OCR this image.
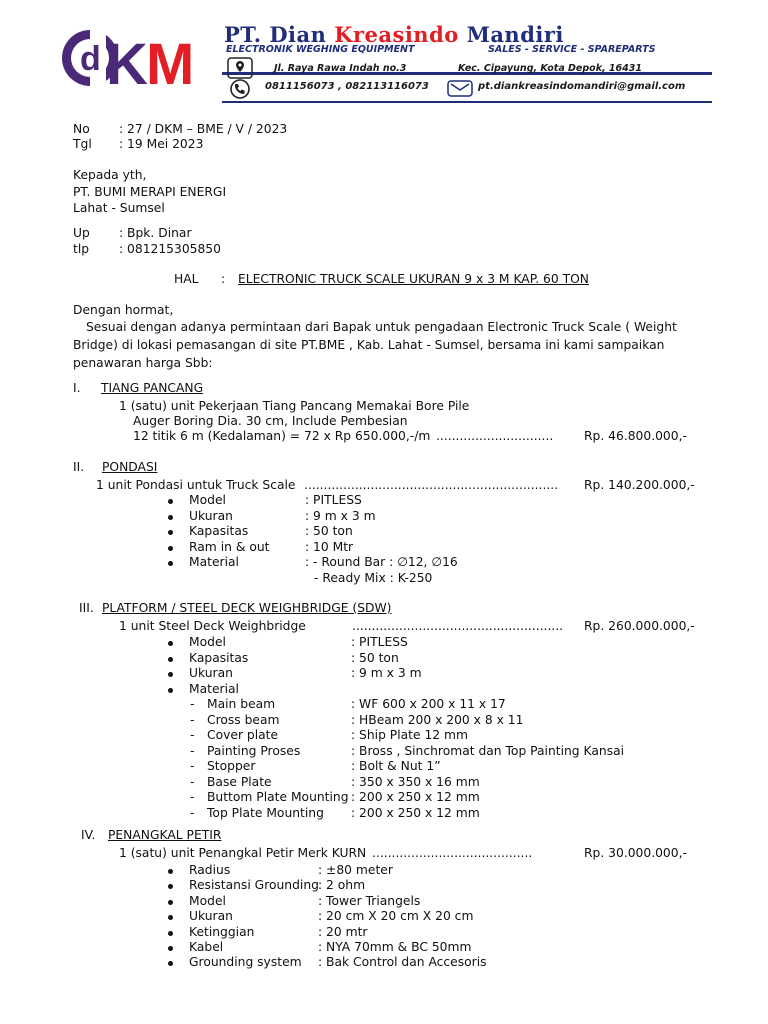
d K
M PT. Dian Kreasindo Mandiri
ELECTRONIK WEGHING EQUIPMENT	SALES - SERVICE - SPAREPARTS
Jl. Raya Rawa Indah no.3	Kec. Cipayung, Kota Depok, 16431
0811156073 , 082113116073	pt.diankreasindomandiri@gmail.com
No : 27 / DKM – BME / V / 2023
Tgl : 19 Mei 2023
Kepada yth,
PT. BUMI MERAPI ENERGI
Lahat - Sumsel
Up : Bpk. Dinar
tlp : 081215305850
HAL : ELECTRONIC TRUCK SCALE UKURAN 9 x 3 M KAP. 60 TON
Dengan hormat,
Sesuai dengan adanya permintaan dari Bapak untuk pengadaan Electronic Truck Scale ( Weight
Bridge) di lokasi pemasangan di site PT.BME , Kab. Lahat - Sumsel, bersama ini kami sampaikan
penawaran harga Sbb:
I. TIANG PANCANG
1 (satu) unit Pekerjaan Tiang Pancang Memakai Bore Pile
Auger Boring Dia. 30 cm, Include Pembesian
12 titik 6 m (Kedalaman) = 72 x Rp 650.000,-/m .............................. Rp. 46.800.000,-
II. PONDASI
1 unit Pondasi untuk Truck Scale ................................................................. Rp. 140.200.000,-
Model	: PITLESS
Ukuran	: 9 m x 3 m
Kapasitas	: 50 ton
Ram in & out	: 10 Mtr
Material	: - Round Bar : ∅12, ∅16
- Ready Mix : K-250
III. PLATFORM / STEEL DECK WEIGHBRIDGE (SDW)
1 unit Steel Deck Weighbridge	...................................................... Rp. 260.000.000,-
Model	: PITLESS
Kapasitas	: 50 ton
Ukuran	: 9 m x 3 m
Material
- Main beam	: WF 600 x 200 x 11 x 17
- Cross beam	: HBeam 200 x 200 x 8 x 11
- Cover plate	: Ship Plate 12 mm
- Painting Proses	: Bross , Sinchromat dan Top Painting Kansai
- Stopper	: Bolt & Nut 1”
- Base Plate	: 350 x 350 x 16 mm
- Buttom Plate Mounting : 200 x 250 x 12 mm
- Top Plate Mounting : 200 x 250 x 12 mm
IV. PENANGKAL PETIR
1 (satu) unit Penangkal Petir Merk KURN .........................................	Rp. 30.000.000,-
Radius	: ±80 meter
Resistansi Grounding : 2 ohm
Model	: Tower Triangels
Ukuran	: 20 cm X 20 cm X 20 cm
Ketinggian	: 20 mtr
Kabel	: NYA 70mm & BC 50mm
Grounding system : Bak Control dan Accesoris
